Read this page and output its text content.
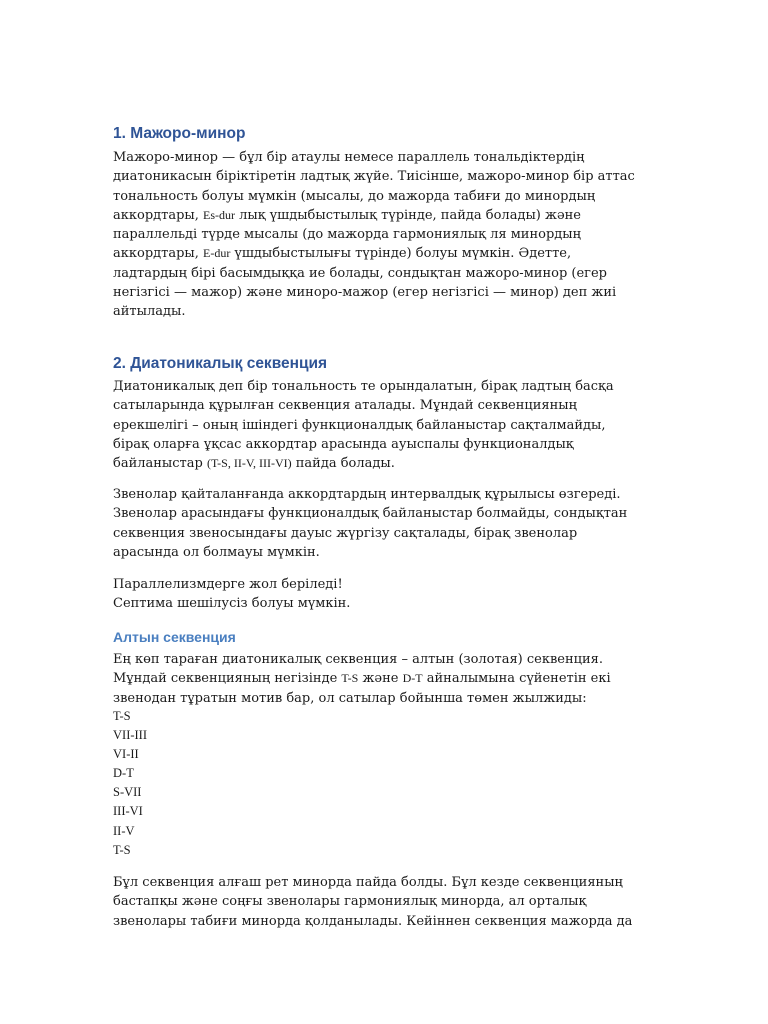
1. Мажоро-минор
Мажоро-минор — бұл бір атаулы немесе параллель тональдіктердің
диатоникасын біріктіретін ладтық жүйе. Тиісінше, мажоро-минор бір аттас
тональность болуы мүмкін (мысалы, до мажорда табиғи до минордың
аккордтары, Es-dur лық үшдыбыстылық түрінде, пайда болады) және
параллельді түрде мысалы (до мажорда гармониялық ля минордың
аккордтары, E-dur үшдыбыстылығы түрінде) болуы мүмкін. Әдетте,
ладтардың бірі басымдыққа ие болады, сондықтан мажоро-минор (егер
негізгісі — мажор) және миноро-мажор (егер негізгісі — минор) деп жиі
айтылады.
2. Диатоникалық секвенция
Диатоникалық деп бір тональность те орындалатын, бірақ ладтың басқа
сатыларында құрылған секвенция аталады. Мұндай секвенцияның
ерекшелігі – оның ішіндегі функционалдық байланыстар сақталмайды,
бірақ оларға ұқсас аккордтар арасында ауыспалы функционалдық
байланыстар (T-S, II-V, III-VI) пайда болады.
Звенолар қайталанғанда аккордтардың интервалдық құрылысы өзгереді.
Звенолар арасындағы функционалдық байланыстар болмайды, сондықтан
секвенция звеносындағы дауыс жүргізу сақталады, бірақ звенолар
арасында ол болмауы мүмкін.
Параллелизмдерге жол беріледі!
Септима шешілусіз болуы мүмкін.
Алтын секвенция
Ең көп тараған диатоникалық секвенция – алтын (золотая) секвенция.
Мұндай секвенцияның негізінде T-S және D-T айналымына сүйенетін екі
звенодан тұратын мотив бар, ол сатылар бойынша төмен жылжиды:
T-S
VII-III
VI-II
D-T
S-VII
III-VI
II-V
T-S
Бұл секвенция алғаш рет минорда пайда болды. Бұл кезде секвенцияның
бастапқы және соңғы звенолары гармониялық минорда, ал орталық
звенолары табиғи минорда қолданылады. Кейіннен секвенция мажорда да
